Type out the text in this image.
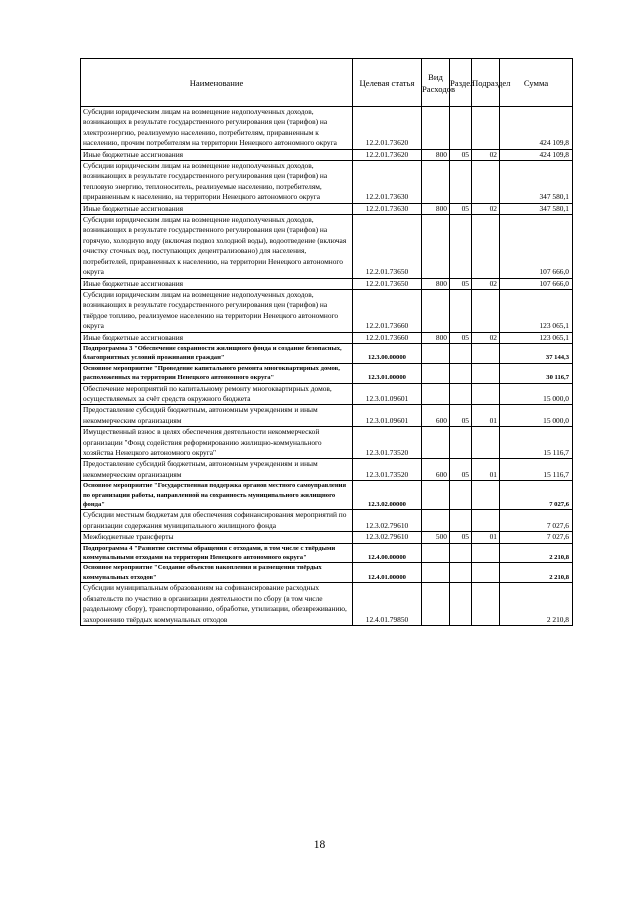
Наименование	Целевая статья	Вид Расходов	Раздел	Подраздел	Сумма
Субсидии юридическим лицам на возмещение недополученных доходов, возникающих в результате государственного регулирования цен (тарифов) на электроэнергию, реализуемую населению, потребителям, приравненным к населению, прочим потребителям на территории Ненецкого автономного округа	12.2.01.73620				424 109,8
Иные бюджетные ассигнования	12.2.01.73620	800	05	02	424 109,8
Субсидии юридическим лицам на возмещение недополученных доходов, возникающих в результате государственного регулирования цен (тарифов) на тепловую энергию, теплоноситель, реализуемые населению, потребителям, приравненным к населению, на территории Ненецкого автономного округа	12.2.01.73630				347 580,1
Иные бюджетные ассигнования	12.2.01.73630	800	05	02	347 580,1
Субсидии юридическим лицам на возмещение недополученных доходов, возникающих в результате государственного регулирования цен (тарифов) на горячую, холодную воду (включая подвоз холодной воды), водоотведение (включая очистку сточных вод, поступающих децентрализовано) для населения, потребителей, приравненных к населению, на территории Ненецкого автономного округа	12.2.01.73650				107 666,0
Иные бюджетные ассигнования	12.2.01.73650	800	05	02	107 666,0
Субсидии юридическим лицам на возмещение недополученных доходов, возникающих в результате государственного регулирования цен (тарифов) на твёрдое топливо, реализуемое населению на территории Ненецкого автономного округа	12.2.01.73660				123 065,1
Иные бюджетные ассигнования	12.2.01.73660	800	05	02	123 065,1
Подпрограмма 3 "Обеспечение сохранности жилищного фонда и создание безопасных, благоприятных условий проживания граждан"	12.3.00.00000				37 144,3
Основное мероприятие "Проведение капитального ремонта многоквартирных домов, расположенных на территории Ненецкого автономного округа"	12.3.01.00000				30 116,7
Обеспечение мероприятий по капитальному ремонту многоквартирных домов, осуществляемых за счёт средств окружного бюджета	12.3.01.09601				15 000,0
Предоставление субсидий бюджетным, автономным учреждениям и иным некоммерческим организациям	12.3.01.09601	600	05	01	15 000,0
Имущественный взнос в целях обеспечения деятельности некоммерческой организации "Фонд содействия реформированию жилищно-коммунального хозяйства Ненецкого автономного округа"	12.3.01.73520				15 116,7
Предоставление субсидий бюджетным, автономным учреждениям и иным некоммерческим организациям	12.3.01.73520	600	05	01	15 116,7
Основное мероприятие "Государственная поддержка органов местного самоуправления по организации работы, направленной на сохранность муниципального жилищного фонда"	12.3.02.00000				7 027,6
Субсидии местным бюджетам для обеспечения софинансирования мероприятий по организации содержания муниципального жилищного фонда	12.3.02.79610				7 027,6
Межбюджетные трансферты	12.3.02.79610	500	05	01	7 027,6
Подпрограмма 4 "Развитие системы обращения с отходами, в том числе с твёрдыми коммунальными отходами на территории Ненецкого автономного округа"	12.4.00.00000				2 210,8
Основное мероприятие "Создание объектов накопления и размещения твёрдых коммунальных отходов"	12.4.01.00000				2 210,8
Субсидии муниципальным образованиям на софинансирование расходных обязательств по участию в организации деятельности по сбору (в том числе раздельному сбору), транспортированию, обработке, утилизации, обезвреживанию, захоронению твёрдых коммунальных отходов	12.4.01.79850				2 210,8
18
